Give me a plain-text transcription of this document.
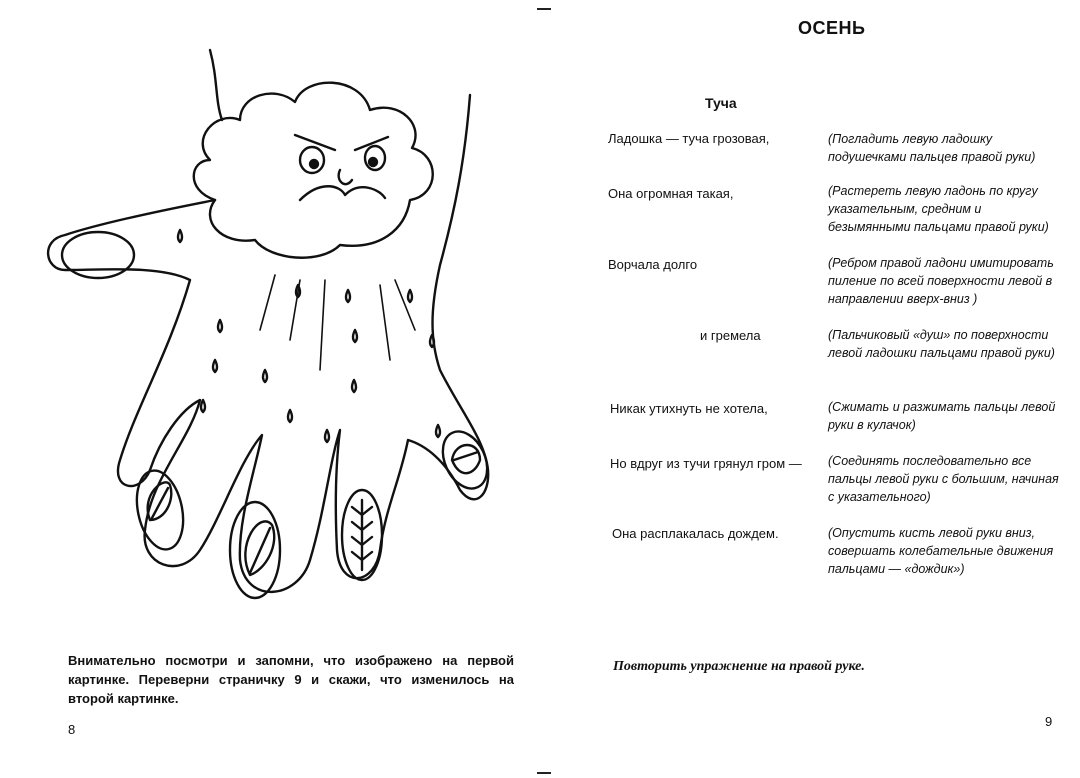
Внимательно посмотри и запомни, что изображено на первой картинке. Переверни страничку 9 и скажи, что изменилось на второй картинке.
8
ОСЕНЬ
Туча
Ладошка — туча грозовая,	(Погладить левую ладошку подушечками пальцев правой руки)
Она огромная такая,	(Растереть левую ладонь по кругу указательным, средним и безымянными пальцами правой руки)
Ворчала долго	(Ребром правой ладони имитировать пиление по всей поверхности левой в направлении вверх-вниз )
и гремела	(Пальчиковый «душ» по поверхности левой ладошки пальцами правой руки)
Никак утихнуть не хотела,	(Сжимать и разжимать пальцы левой руки в кулачок)
Но вдруг из тучи грянул гром — (Соединять последовательно все пальцы левой руки с большим, начиная с указательного)
Она расплакалась дождем.	(Опустить кисть левой руки вниз, совершать колебательные движения пальцами — «дождик»)
Повторить упражнение на правой руке.
9
